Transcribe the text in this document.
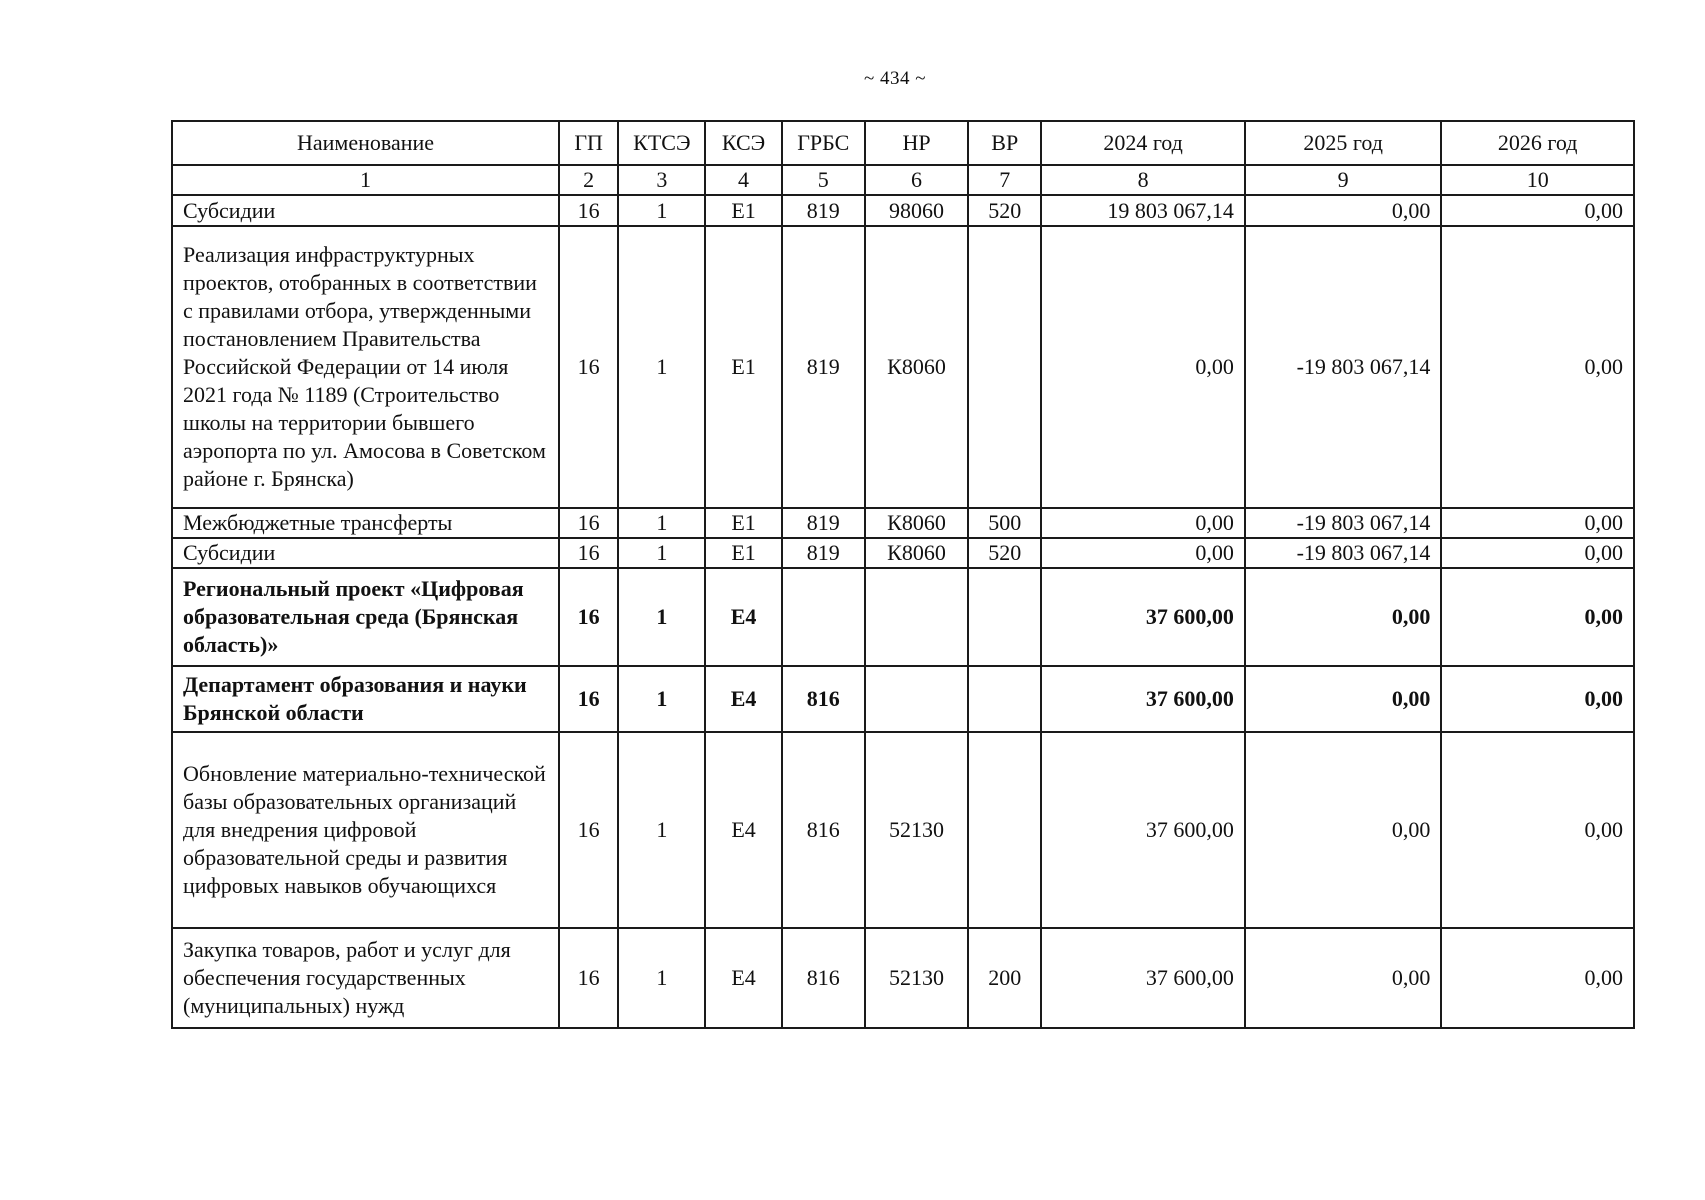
~ 434 ~
Наименование	ГП	КТСЭ	КСЭ	ГРБС	НР	ВР	2024 год	2025 год	2026 год
1	2	3	4	5	6	7	8	9	10
Субсидии	16	1	Е1	819	98060	520	19 803 067,14	0,00	0,00
Реализация инфраструктурных проектов, отобранных в соответствии с правилами отбора, утвержденными постановлением Правительства Российской Федерации от 14 июля 2021 года № 1189 (Строительство школы на территории бывшего аэропорта по ул. Амосова в Советском районе г. Брянска)	16	1	Е1	819	К8060		0,00	-19 803 067,14	0,00
Межбюджетные трансферты	16	1	Е1	819	К8060	500	0,00	-19 803 067,14	0,00
Субсидии	16	1	Е1	819	К8060	520	0,00	-19 803 067,14	0,00
Региональный проект «Цифровая образовательная среда (Брянская область)»	16	1	Е4				37 600,00	0,00	0,00
Департамент образования и науки Брянской области	16	1	Е4	816			37 600,00	0,00	0,00
Обновление материально-технической базы образовательных организаций для внедрения цифровой образовательной среды и развития цифровых навыков обучающихся	16	1	Е4	816	52130		37 600,00	0,00	0,00
Закупка товаров, работ и услуг для обеспечения государственных (муниципальных) нужд	16	1	Е4	816	52130	200	37 600,00	0,00	0,00
